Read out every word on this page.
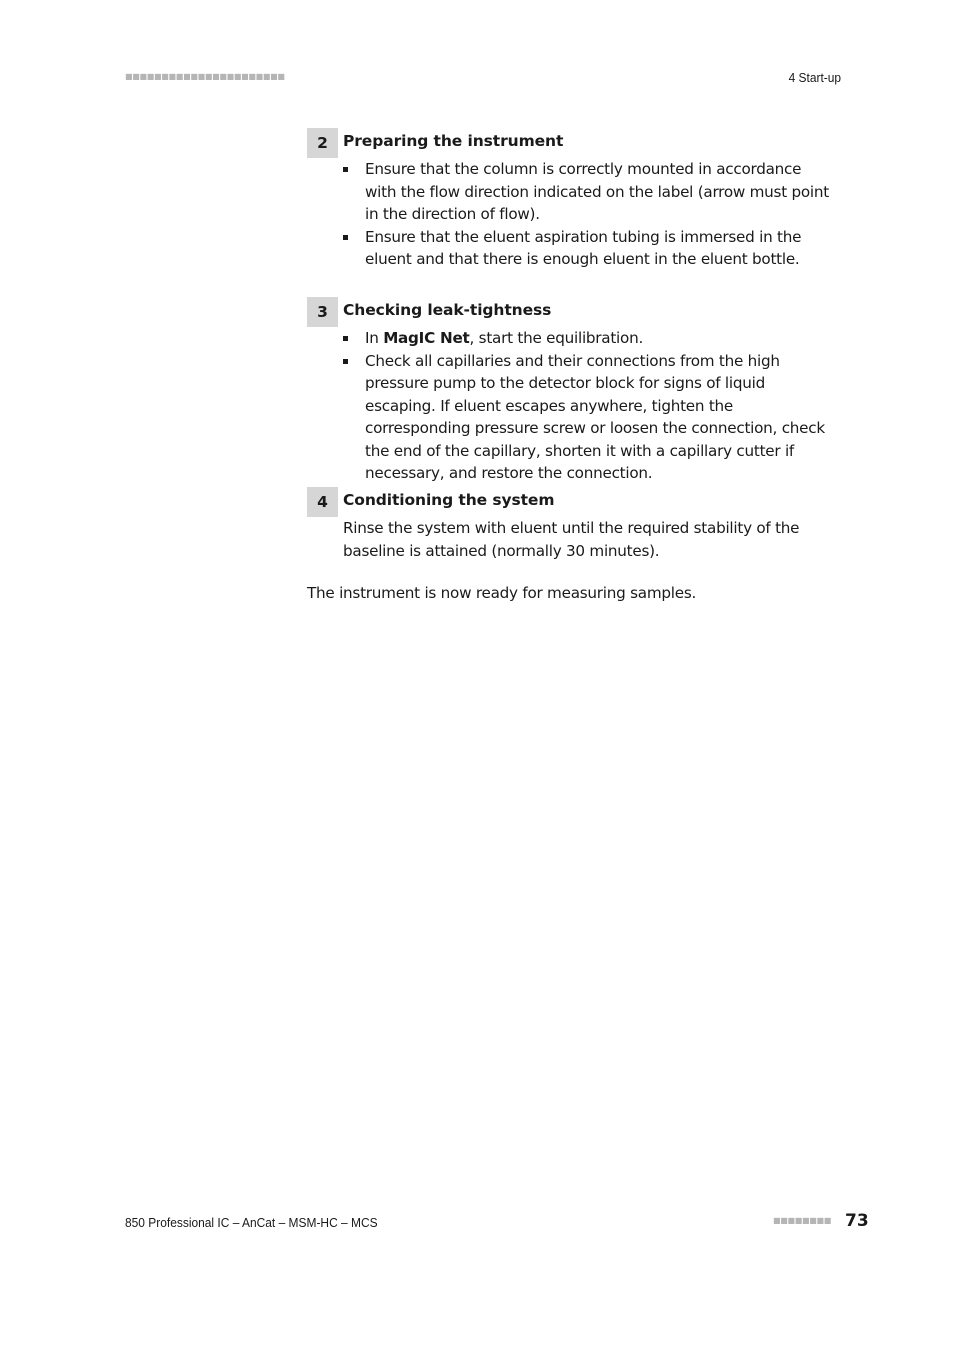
■■■■■■■■■■■■■■■■■■■■■■	4 Start-up
2 Preparing the instrument
Ensure that the column is correctly mounted in accordance with the flow direction indicated on the label (arrow must point in the direction of flow).
Ensure that the eluent aspiration tubing is immersed in the eluent and that there is enough eluent in the eluent bottle.
3 Checking leak-tightness
In MagIC Net, start the equilibration.
Check all capillaries and their connections from the high pressure pump to the detector block for signs of liquid escaping. If eluent escapes anywhere, tighten the corresponding pressure screw or loosen the connection, check the end of the capillary, shorten it with a capillary cutter if necessary, and restore the connection.
4 Conditioning the system

Rinse the system with eluent until the required stability of the baseline is attained (normally 30 minutes).

The instrument is now ready for measuring samples.
850 Professional IC – AnCat – MSM-HC – MCS	■■■■■■■■ 73
